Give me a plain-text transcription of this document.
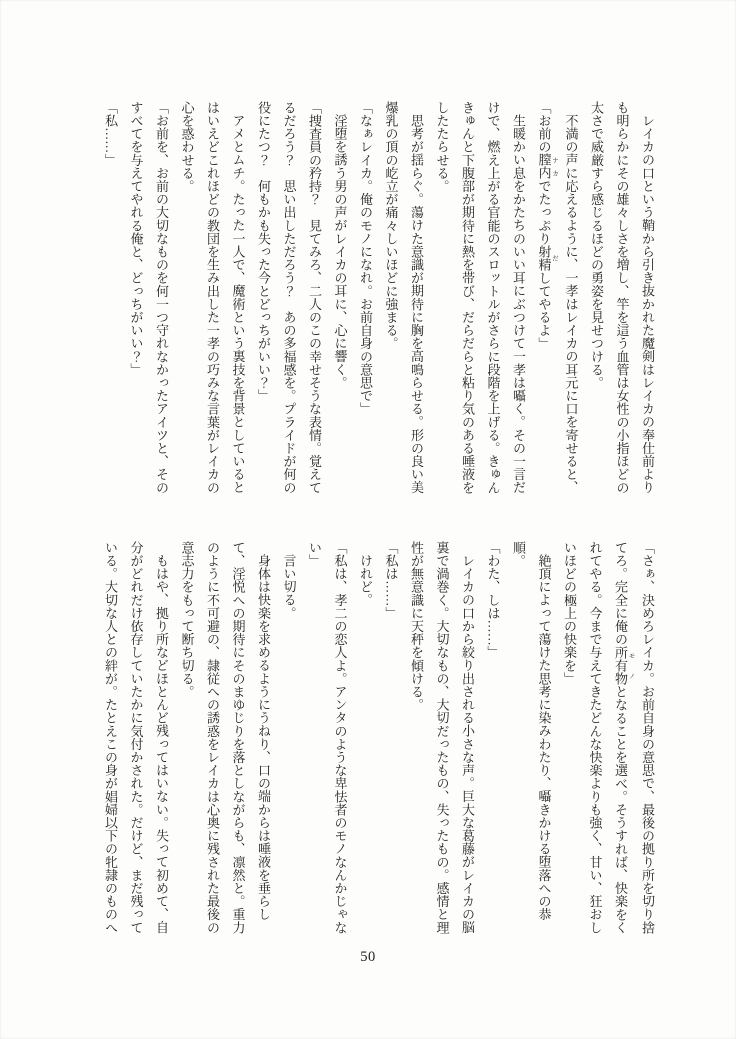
レイカの口という鞘から引き抜かれた魔剣はレイカの奉仕前より

も明らかにその雄々しさを増し、竿を這う血管は女性の小指ほどの

太さで威厳すら感じるほどの勇姿を見せつける。

不満の声に応えるように、一孝はレイカの耳元に口を寄せると、

「お前の膣内 ナカでたっぷり射精 だしてやるよ」

生暖かい息をかたちのいい耳にぶつけて一孝は囁く。その一言だ

けで、燃え上がる官能のスロットルがさらに段階を上げる。きゅん

きゅんと下腹部が期待に熱を帯び、だらだらと粘り気のある唾液を

したたらせる。

思考が揺らぐ。蕩けた意識が期待に胸を高鳴らせる。形の良い美

爆乳の頂の屹立が痛々しいほどに強まる。

「なぁレイカ。俺のモノになれ。お前自身の意思で」

淫堕を誘う男の声がレイカの耳に、心に響く。

「捜査員の矜持？　見てみろ、二人のこの幸せそうな表情。覚えて

るだろう？　思い出しただろう？　あの多福感を。プライドが何の

役にたつ？　何もかも失った今とどっちがいい？」

アメとムチ。たった一人で、魔術という裏技を背景としていると

はいえどこれほどの教団を生み出した一孝の巧みな言葉がレイカの

心を惑わせる。

「お前を、お前の大切なものを何一つ守れなかったアイツと、その

すべてを与えてやれる俺と、どっちがいい？」

「私……」

「さぁ、決めろレイカ。お前自身の意思で、最後の拠り所を切り捨

てろ。完全に俺の所有物 モノとなることを選べ。そうすれば、快楽をく

れてやる。今まで与えてきたどんな快楽よりも強く、甘い、狂おし

いほどの極上の快楽を」

絶頂によって蕩けた思考に染みわたり、囁きかける堕落への恭

順。

「わた、しは……」

レイカの口から絞り出される小さな声。巨大な葛藤がレイカの脳

裏で渦巻く。大切なもの、大切だったもの、失ったもの。感情と理

性が無意識に天秤を傾ける。

「私は……」

けれど。

「私は、孝二の恋人よ。アンタのような卑怯者のモノなんかじゃな

い」

言い切る。

身体は快楽を求めるようにうねり、口の端からは唾液を垂らし

て、淫悦への期待にそのまゆじりを落としながらも、凛然と。重力

のように不可避の、隷従への誘惑をレイカは心奥に残された最後の

意志力をもって断ち切る。

もはや、拠り所などほとんど残ってはいない。失って初めて、自

分がどれだけ依存していたかに気付かされた。だけど、まだ残って

いる。大切な人との絆が。たとえこの身が娼婦以下の牝隷のものへ

50
